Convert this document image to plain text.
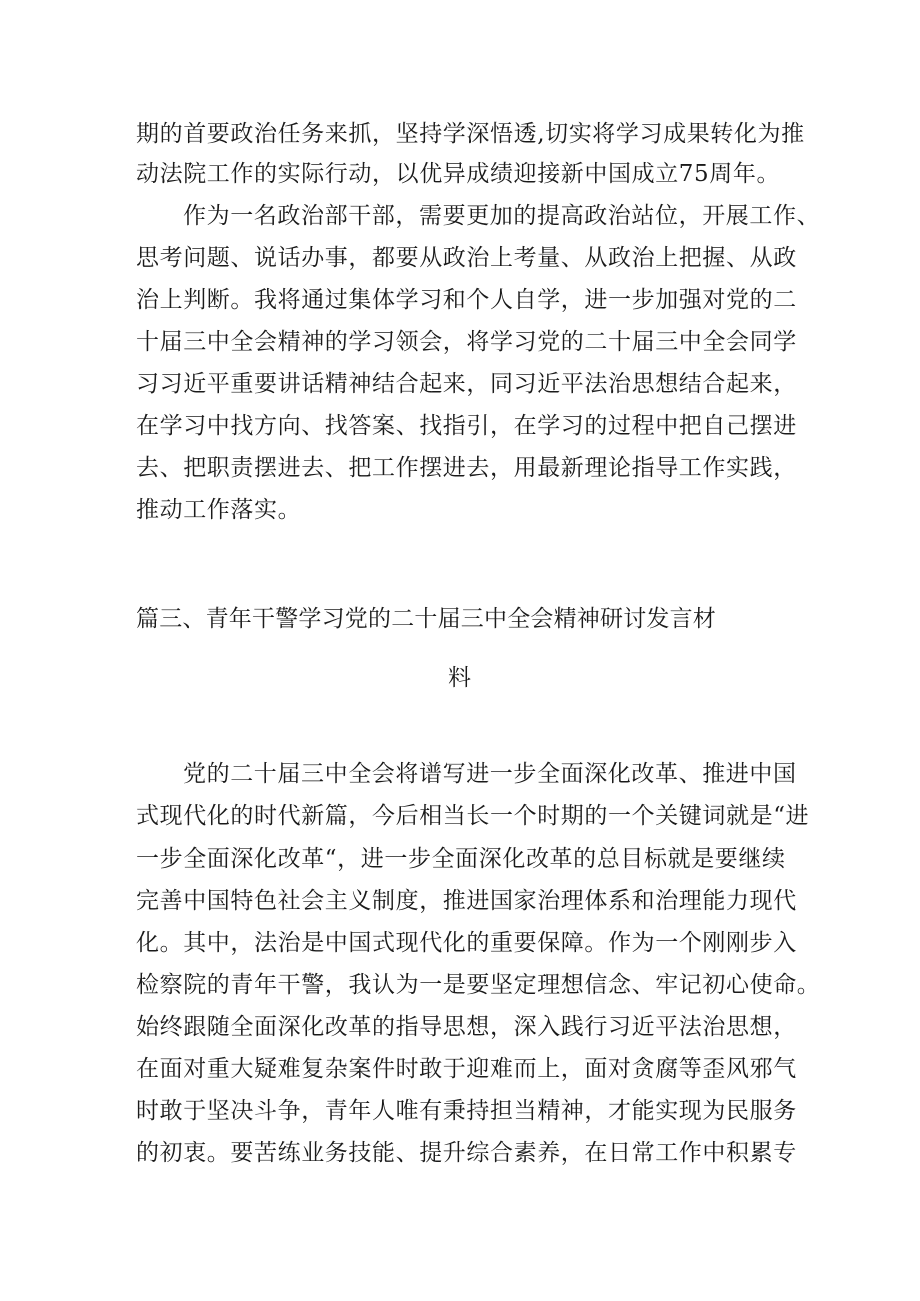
期的首要政治任务来抓，坚持学深悟透,切实将学习成果转化为推
动法院工作的实际行动，以优异成绩迎接新中国成立75周年。
作为一名政治部干部，需要更加的提高政治站位，开展工作、
思考问题、说话办事，都要从政治上考量、从政治上把握、从政
治上判断。我将通过集体学习和个人自学，进一步加强对党的二
十届三中全会精神的学习领会，将学习党的二十届三中全会同学
习习近平重要讲话精神结合起来，同习近平法治思想结合起来，
在学习中找方向、找答案、找指引，在学习的过程中把自己摆进
去、把职责摆进去、把工作摆进去，用最新理论指导工作实践，
推动工作落实。
篇三、青年干警学习党的二十届三中全会精神研讨发言材
料
党的二十届三中全会将谱写进一步全面深化改革、推进中国
式现代化的时代新篇，今后相当长一个时期的一个关键词就是“进
一步全面深化改革“，进一步全面深化改革的总目标就是要继续
完善中国特色社会主义制度，推进国家治理体系和治理能力现代
化。其中，法治是中国式现代化的重要保障。作为一个刚刚步入
检察院的青年干警，我认为一是要坚定理想信念、牢记初心使命。
始终跟随全面深化改革的指导思想，深入践行习近平法治思想，
在面对重大疑难复杂案件时敢于迎难而上，面对贪腐等歪风邪气
时敢于坚决斗争，青年人唯有秉持担当精神，才能实现为民服务
的初衷。要苦练业务技能、提升综合素养，在日常工作中积累专
